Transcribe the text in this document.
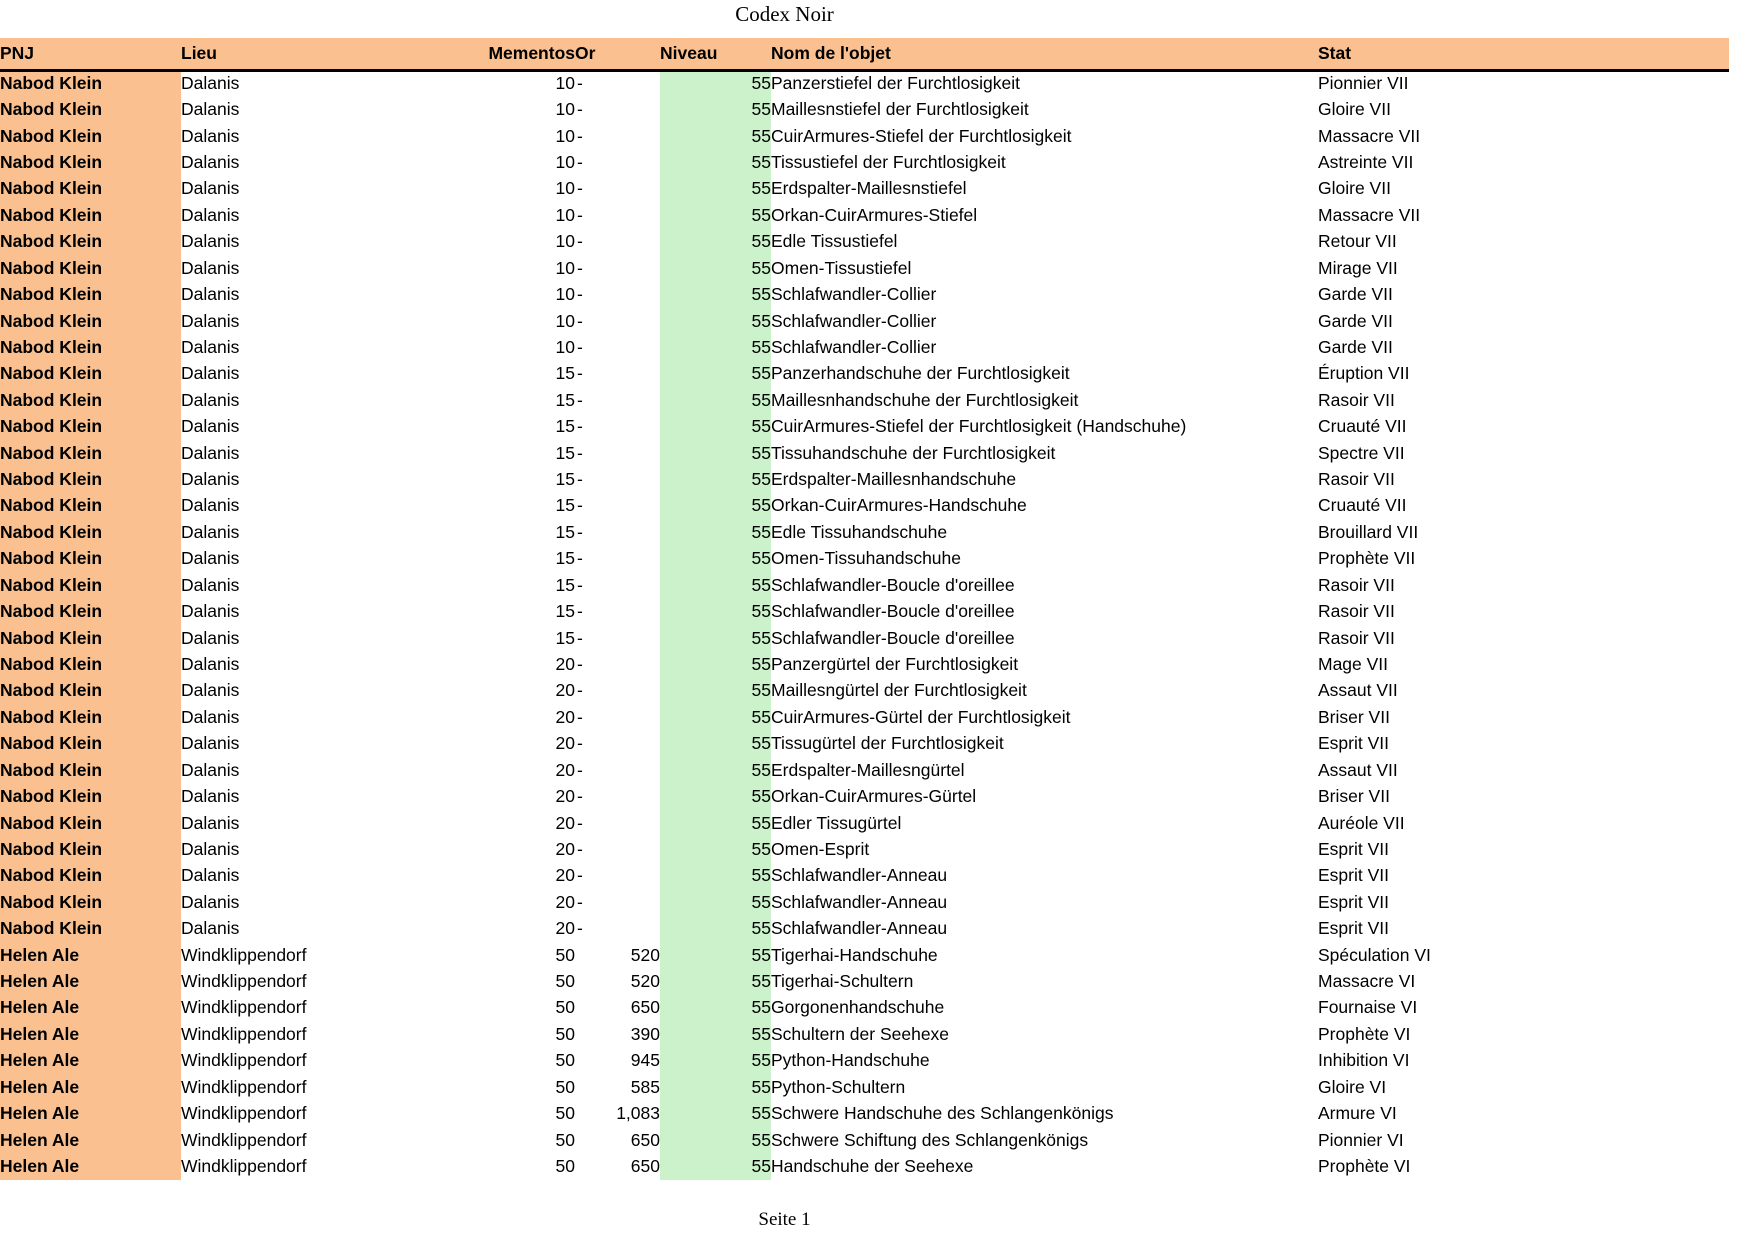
Codex Noir
PNJ	Lieu	Mementos	Or	Niveau	Nom de l'objet	Stat
Nabod Klein	Dalanis	10	-	55	Panzerstiefel der Furchtlosigkeit	Pionnier VII
Nabod Klein	Dalanis	10	-	55	Maillesnstiefel der Furchtlosigkeit	Gloire VII
Nabod Klein	Dalanis	10	-	55	CuirArmures-Stiefel der Furchtlosigkeit	Massacre VII
Nabod Klein	Dalanis	10	-	55	Tissustiefel der Furchtlosigkeit	Astreinte VII
Nabod Klein	Dalanis	10	-	55	Erdspalter-Maillesnstiefel	Gloire VII
Nabod Klein	Dalanis	10	-	55	Orkan-CuirArmures-Stiefel	Massacre VII
Nabod Klein	Dalanis	10	-	55	Edle Tissustiefel	Retour VII
Nabod Klein	Dalanis	10	-	55	Omen-Tissustiefel	Mirage VII
Nabod Klein	Dalanis	10	-	55	Schlafwandler-Collier	Garde VII
Nabod Klein	Dalanis	10	-	55	Schlafwandler-Collier	Garde VII
Nabod Klein	Dalanis	10	-	55	Schlafwandler-Collier	Garde VII
Nabod Klein	Dalanis	15	-	55	Panzerhandschuhe der Furchtlosigkeit	Éruption VII
Nabod Klein	Dalanis	15	-	55	Maillesnhandschuhe der Furchtlosigkeit	Rasoir VII
Nabod Klein	Dalanis	15	-	55	CuirArmures-Stiefel der Furchtlosigkeit (Handschuhe)	Cruauté VII
Nabod Klein	Dalanis	15	-	55	Tissuhandschuhe der Furchtlosigkeit	Spectre VII
Nabod Klein	Dalanis	15	-	55	Erdspalter-Maillesnhandschuhe	Rasoir VII
Nabod Klein	Dalanis	15	-	55	Orkan-CuirArmures-Handschuhe	Cruauté VII
Nabod Klein	Dalanis	15	-	55	Edle Tissuhandschuhe	Brouillard VII
Nabod Klein	Dalanis	15	-	55	Omen-Tissuhandschuhe	Prophète VII
Nabod Klein	Dalanis	15	-	55	Schlafwandler-Boucle d'oreillee	Rasoir VII
Nabod Klein	Dalanis	15	-	55	Schlafwandler-Boucle d'oreillee	Rasoir VII
Nabod Klein	Dalanis	15	-	55	Schlafwandler-Boucle d'oreillee	Rasoir VII
Nabod Klein	Dalanis	20	-	55	Panzergürtel der Furchtlosigkeit	Mage VII
Nabod Klein	Dalanis	20	-	55	Maillesngürtel der Furchtlosigkeit	Assaut VII
Nabod Klein	Dalanis	20	-	55	CuirArmures-Gürtel der Furchtlosigkeit	Briser VII
Nabod Klein	Dalanis	20	-	55	Tissugürtel der Furchtlosigkeit	Esprit VII
Nabod Klein	Dalanis	20	-	55	Erdspalter-Maillesngürtel	Assaut VII
Nabod Klein	Dalanis	20	-	55	Orkan-CuirArmures-Gürtel	Briser VII
Nabod Klein	Dalanis	20	-	55	Edler Tissugürtel	Auréole VII
Nabod Klein	Dalanis	20	-	55	Omen-Esprit	Esprit VII
Nabod Klein	Dalanis	20	-	55	Schlafwandler-Anneau	Esprit VII
Nabod Klein	Dalanis	20	-	55	Schlafwandler-Anneau	Esprit VII
Nabod Klein	Dalanis	20	-	55	Schlafwandler-Anneau	Esprit VII
Helen Ale	Windklippendorf	50	520	55	Tigerhai-Handschuhe	Spéculation VI
Helen Ale	Windklippendorf	50	520	55	Tigerhai-Schultern	Massacre VI
Helen Ale	Windklippendorf	50	650	55	Gorgonenhandschuhe	Fournaise VI
Helen Ale	Windklippendorf	50	390	55	Schultern der Seehexe	Prophète VI
Helen Ale	Windklippendorf	50	945	55	Python-Handschuhe	Inhibition VI
Helen Ale	Windklippendorf	50	585	55	Python-Schultern	Gloire VI
Helen Ale	Windklippendorf	50	1,083	55	Schwere Handschuhe des Schlangenkönigs	Armure VI
Helen Ale	Windklippendorf	50	650	55	Schwere Schiftung des Schlangenkönigs	Pionnier VI
Helen Ale	Windklippendorf	50	650	55	Handschuhe der Seehexe	Prophète VI
Seite 1
